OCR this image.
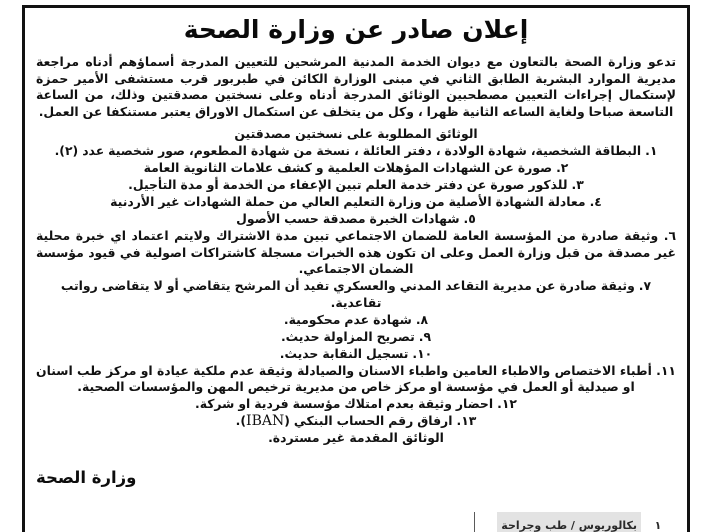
إعلان صادر عن وزارة الصحة

تدعو وزارة الصحة بالتعاون مع ديوان الخدمة المدنية المرشحين للتعيين المدرجة أسماؤهم أدناه مراجعة مديرية الموارد البشرية الطابق الثاني في مبنى الوزارة الكائن في طبربور قرب مستشفى الأمير حمزة لإستكمال إجراءات التعيين مصطحبين الوثائق المدرجة أدناه وعلى نسختين مصدقتين وذلك، من الساعة التاسعة صباحا ولغاية الساعه الثانية ظهرا ، وكل من يتخلف عن استكمال الاوراق يعتبر مستنكفا عن العمل.

الوثائق المطلوبة على نسختين مصدقتين

١. البطاقة الشخصية، شهادة الولادة ، دفتر العائلة ، نسخة من شهادة المطعوم، صور شخصية عدد (٢).
٢. صورة عن الشهادات المؤهلات العلمية و كشف علامات الثانوية العامة
٣. للذكور صورة عن دفتر خدمة العلم تبين الإعفاء من الخدمة أو مدة التأجيل.
٤. معادلة الشهادة الأصلية من وزارة التعليم العالي من حملة الشهادات غير الأردنية
٥. شهادات الخبرة مصدقة حسب الأصول
٦. وثيقة صادرة من المؤسسة العامة للضمان الاجتماعي تبين مدة الاشتراك ولايتم اعتماد اي خبرة محلية غير مصدقة من قبل وزارة العمل وعلى ان تكون هذه الخبرات مسجلة كاشتراكات اصولية في قيود مؤسسة الضمان الاجتماعي.
٧. وثيقة صادرة عن مديرية التقاعد المدني والعسكري تفيد أن المرشح يتقاضي أو لا يتقاضى رواتب تقاعدية.
٨. شهادة عدم محكومية.
٩. تصريح المزاولة حديث.
١٠. تسجيل النقابة حديث.
١١. أطباء الاختصاص والاطباء العامين واطباء الاسنان والصيادلة وثيقة عدم ملكية عيادة او مركز طب اسنان او صيدلية أو العمل في مؤسسة او مركز خاص من مديرية ترخيص المهن والمؤسسات الصحية.
١٢. احضار وثيقة بعدم امتلاك مؤسسة فردية او شركة.
١٣. ارفاق رقم الحساب البنكي (IBAN).

الوثائق المقدمة غير مستردة.

وزارة الصحة
١	بكالوريوس / طب وجراحة	
